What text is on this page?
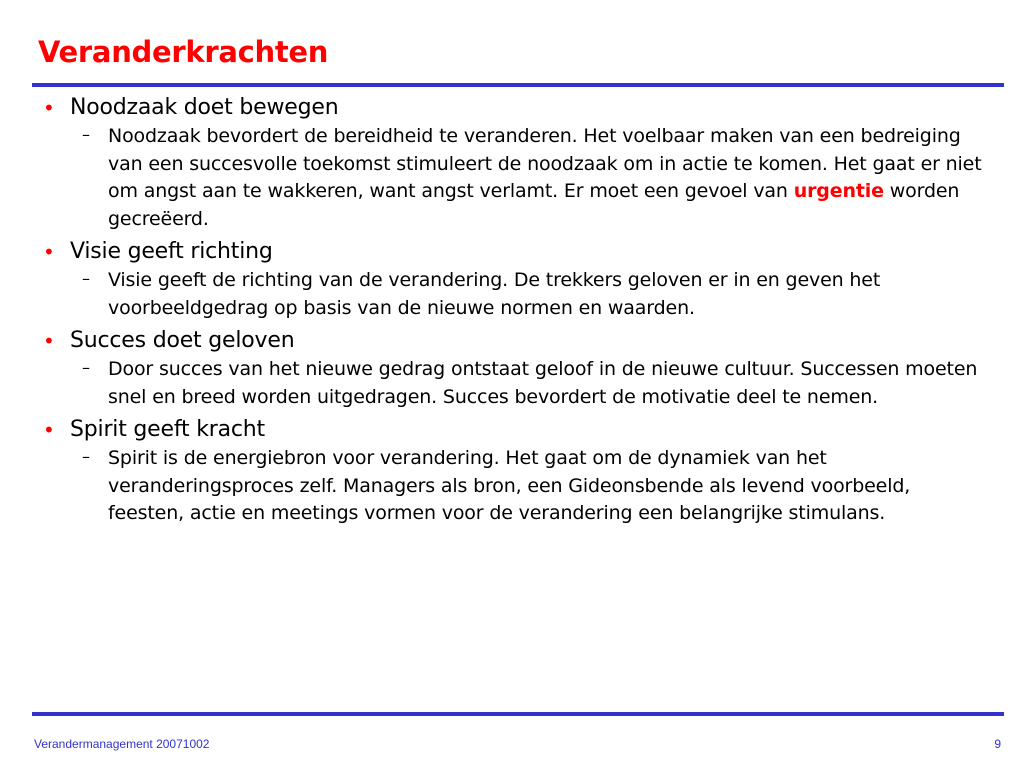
Veranderkrachten
• Noodzaak doet bewegen
– Noodzaak bevordert de bereidheid te veranderen. Het voelbaar maken van een bedreiging van een succesvolle toekomst stimuleert de noodzaak om in actie te komen. Het gaat er niet om angst aan te wakkeren, want angst verlamt. Er moet een gevoel van urgentie worden gecreëerd.
• Visie geeft richting
– Visie geeft de richting van de verandering. De trekkers geloven er in en geven het voorbeeldgedrag op basis van de nieuwe normen en waarden.
• Succes doet geloven
– Door succes van het nieuwe gedrag ontstaat geloof in de nieuwe cultuur. Successen moeten snel en breed worden uitgedragen. Succes bevordert de motivatie deel te nemen.
• Spirit geeft kracht
– Spirit is de energiebron voor verandering. Het gaat om de dynamiek van het veranderingsproces zelf. Managers als bron, een Gideonsbende als levend voorbeeld, feesten, actie en meetings vormen voor de verandering een belangrijke stimulans.
Verandermanagement 20071002	9
